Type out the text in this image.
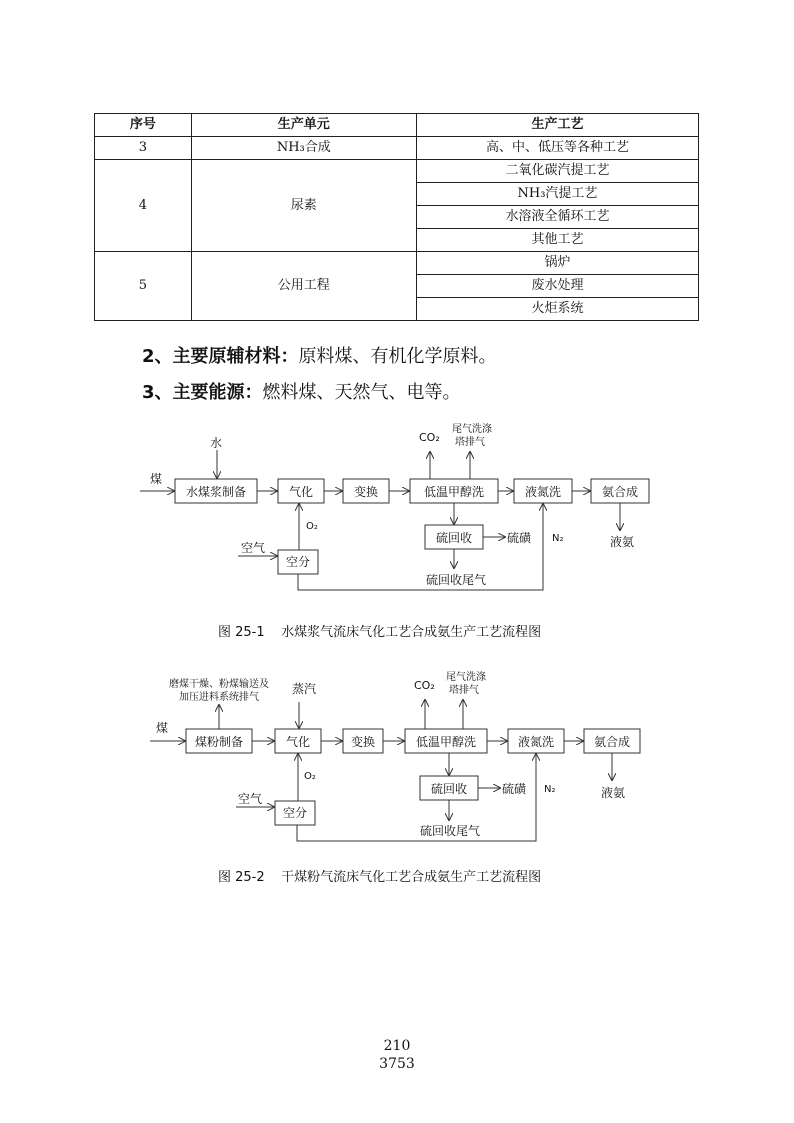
序号	生产单元	生产工艺
3	NH₃合成	高、中、低压等各种工艺
4	尿素	二氧化碳汽提工艺
		NH₃汽提工艺
		水溶液全循环工艺
		其他工艺
5	公用工程	锅炉
		废水处理
		火炬系统
2、主要原辅材料：原料煤、有机化学原料。
3、主要能源：燃料煤、天然气、电等。
煤
水
水煤浆制备	气化	变换	低温甲醇洗	液氮洗	氨合成
硫回收
空分
硫磺	液氨
空气
硫回收尾气
CO₂
尾气洗涤
塔排气
O₂
N₂
煤
磨煤干燥、粉煤输送及
加压进料系统排气
蒸汽
煤粉制备	气化	变换	低温甲醇洗	液氮洗	氨合成
硫回收
空分
硫磺	液氨
空气
硫回收尾气
CO₂
尾气洗涤
塔排气
O₂
N₂
图 25-1    水煤浆气流床气化工艺合成氨生产工艺流程图
图 25-2    干煤粉气流床气化工艺合成氨生产工艺流程图
210
3753
